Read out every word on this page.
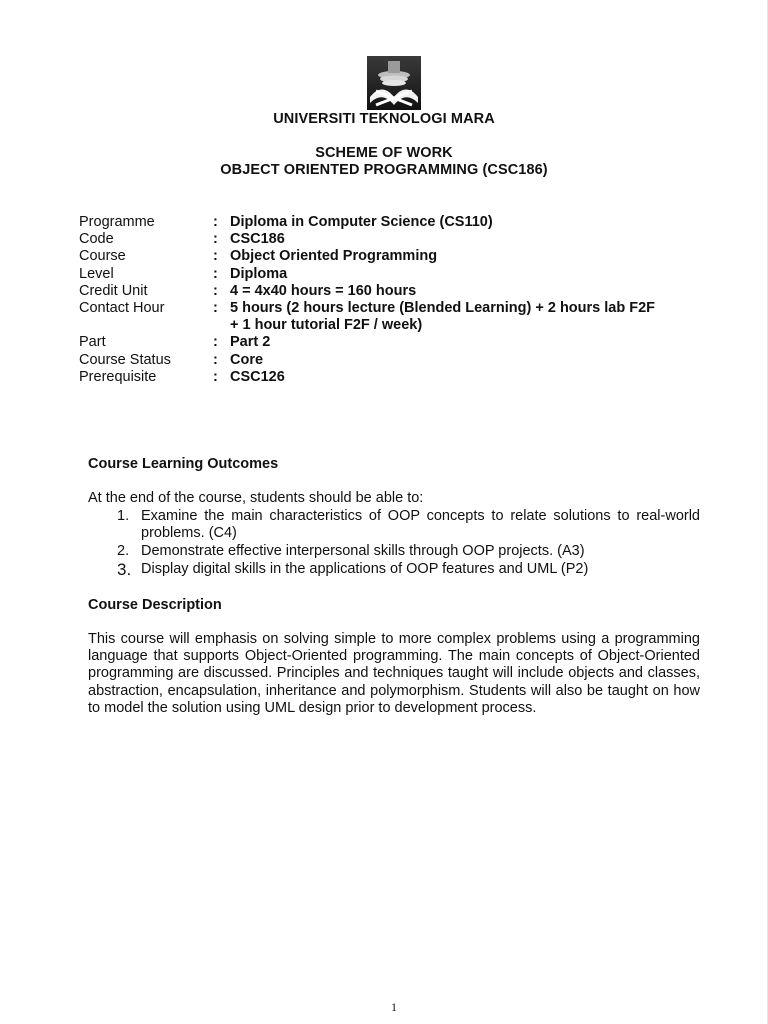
UNIVERSITI TEKNOLOGI MARA
SCHEME OF WORK
OBJECT ORIENTED PROGRAMMING (CSC186)
Programme	: Diploma in Computer Science (CS110)
Code	: CSC186
Course	: Object Oriented Programming
Level	: Diploma
Credit Unit	: 4 = 4x40 hours = 160 hours
Contact Hour	: 5 hours (2 hours lecture (Blended Learning) + 2 hours lab F2F + 1 hour tutorial F2F / week)
Part	: Part 2
Course Status	: Core
Prerequisite	: CSC126
Course Learning Outcomes
At the end of the course, students should be able to:
1. Examine the main characteristics of OOP concepts to relate solutions to real-world problems. (C4)
2. Demonstrate effective interpersonal skills through OOP projects. (A3)
3. Display digital skills in the applications of OOP features and UML (P2)
Course Description
This course will emphasis on solving simple to more complex problems using a programming language that supports Object-Oriented programming. The main concepts of Object-Oriented programming are discussed. Principles and techniques taught will include objects and classes, abstraction, encapsulation, inheritance and polymorphism. Students will also be taught on how to model the solution using UML design prior to development process.
1
